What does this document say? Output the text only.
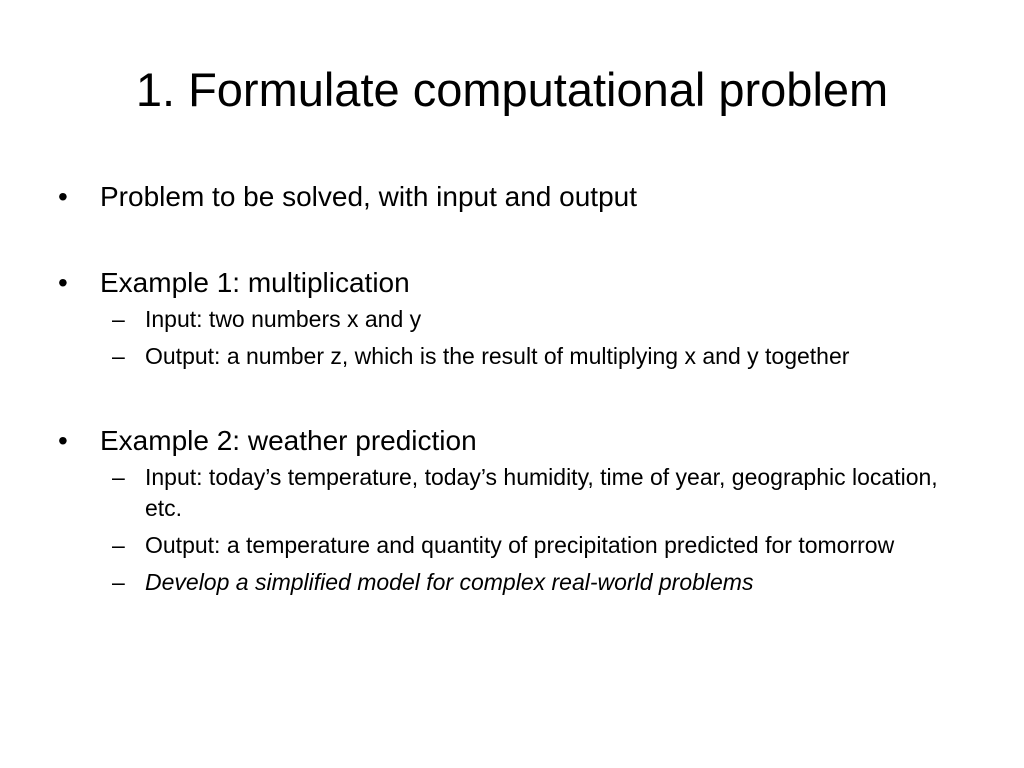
1. Formulate computational problem
• Problem to be solved, with input and output
• Example 1: multiplication
– Input: two numbers x and y
– Output: a number z, which is the result of multiplying x and y together
• Example 2: weather prediction
– Input: today’s temperature, today’s humidity, time of year, geographic location, etc.
– Output: a temperature and quantity of precipitation predicted for tomorrow
– Develop a simplified model for complex real-world problems
